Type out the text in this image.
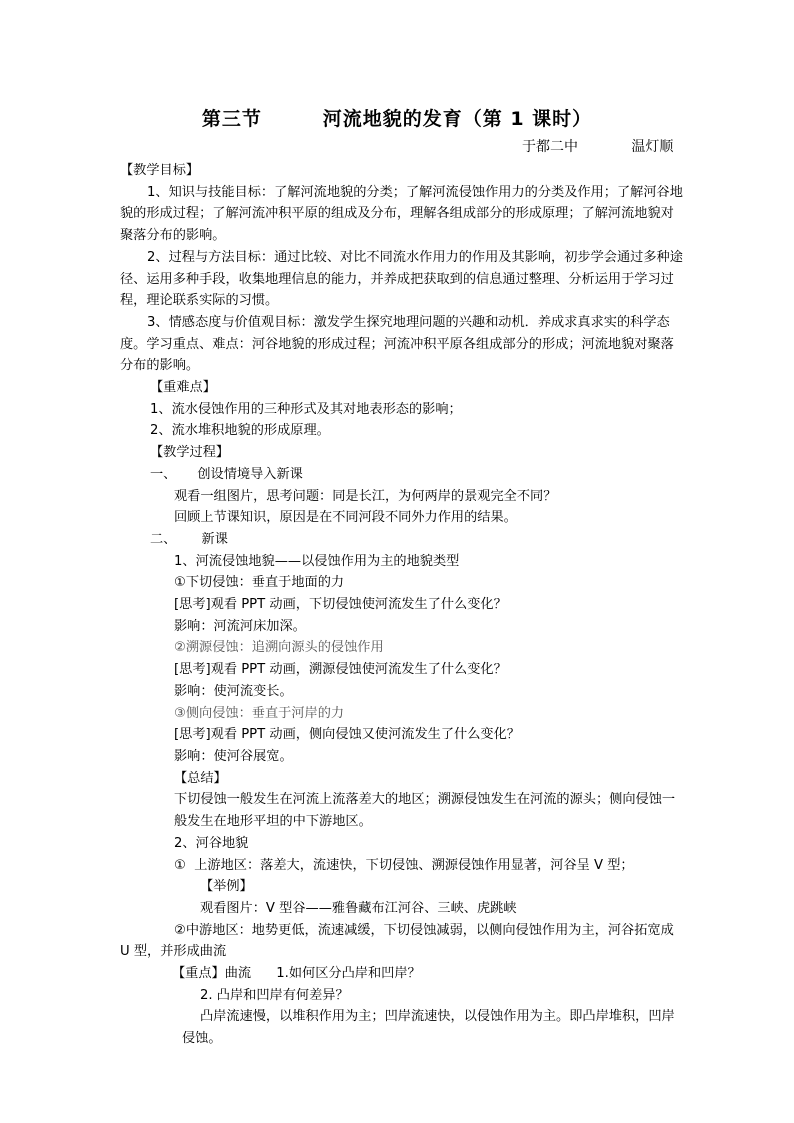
第三节        河流地貌的发育（第 1 课时）
于都二中            温灯顺

【教学目标】

1、知识与技能目标：了解河流地貌的分类；了解河流侵蚀作用力的分类及作用；了解河谷地貌的形成过程；了解河流冲积平原的组成及分布，理解各组成部分的形成原理；了解河流地貌对聚落分布的影响。

2、过程与方法目标：通过比较、对比不同流水作用力的作用及其影响，初步学会通过多种途径、运用多种手段，收集地理信息的能力，并养成把获取到的信息通过整理、分析运用于学习过程，理论联系实际的习惯。

3、情感态度与价值观目标：激发学生探究地理问题的兴趣和动机．养成求真求实的科学态度。学习重点、难点：河谷地貌的形成过程；河流冲积平原各组成部分的形成；河流地貌对聚落分布的影响。

【重难点】

1、流水侵蚀作用的三种形式及其对地表形态的影响；

2、流水堆积地貌的形成原理。

【教学过程】

一、     创设情境导入新课

观看一组图片，思考问题：同是长江，为何两岸的景观完全不同？

回顾上节课知识，原因是在不同河段不同外力作用的结果。

二、      新课

1、河流侵蚀地貌——以侵蚀作用为主的地貌类型

①下切侵蚀：垂直于地面的力

[思考]观看 PPT 动画，下切侵蚀使河流发生了什么变化？

影响：河流河床加深。

②溯源侵蚀：追溯向源头的侵蚀作用

[思考]观看 PPT 动画，溯源侵蚀使河流发生了什么变化？

影响：使河流变长。

③侧向侵蚀：垂直于河岸的力

[思考]观看 PPT 动画，侧向侵蚀又使河流发生了什么变化？

影响：使河谷展宽。

【总结】

下切侵蚀一般发生在河流上流落差大的地区；溯源侵蚀发生在河流的源头；侧向侵蚀一般发生在地形平坦的中下游地区。

2、河谷地貌

①  上游地区：落差大，流速快，下切侵蚀、溯源侵蚀作用显著，河谷呈 V 型；

【举例】

观看图片：V 型谷——雅鲁藏布江河谷、三峡、虎跳峡

②中游地区：地势更低，流速减缓，下切侵蚀减弱，以侧向侵蚀作用为主，河谷拓宽成 U 型，并形成曲流

【重点】曲流      1.如何区分凸岸和凹岸？

2. 凸岸和凹岸有何差异？

凸岸流速慢，以堆积作用为主；凹岸流速快，以侵蚀作用为主。即凸岸堆积，凹岸侵蚀。
